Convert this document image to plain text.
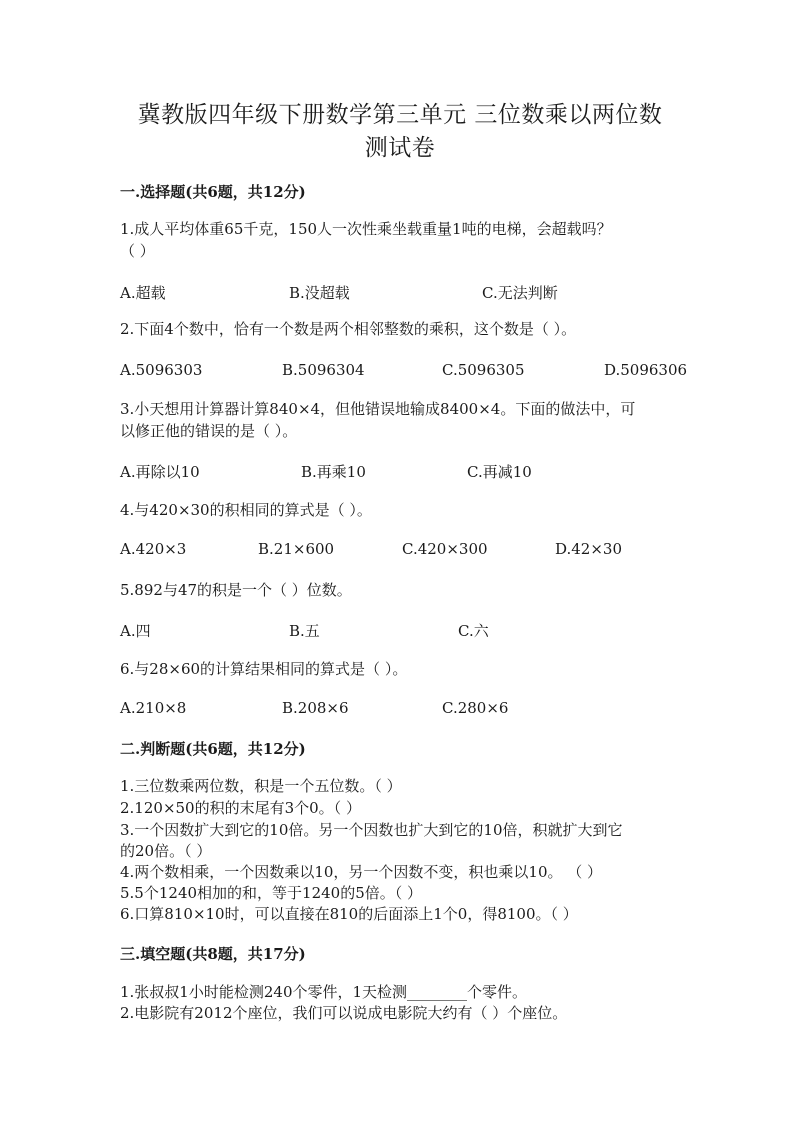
冀教版四年级下册数学第三单元 三位数乘以两位数
测试卷
一.选择题(共6题，共12分)
1.成人平均体重65千克，150人一次性乘坐载重量1吨的电梯，会超载吗？
（ ）
A.超载	B.没超载	C.无法判断
2.下面4个数中，恰有一个数是两个相邻整数的乘积，这个数是（ ）。
A.5096303	B.5096304	C.5096305	D.5096306
3.小天想用计算器计算840×4，但他错误地输成8400×4。下面的做法中，可
以修正他的错误的是（ ）。
A.再除以10	B.再乘10	C.再减10
4.与420×30的积相同的算式是（ ）。
A.420×3	B.21×600	C.420×300	D.42×30
5.892与47的积是一个（ ）位数。
A.四	B.五	C.六
6.与28×60的计算结果相同的算式是（ ）。
A.210×8	B.208×6	C.280×6
二.判断题(共6题，共12分)
1.三位数乘两位数，积是一个五位数。（ ）
2.120×50的积的末尾有3个0。（ ）
3.一个因数扩大到它的10倍。另一个因数也扩大到它的10倍，积就扩大到它
的20倍。（ ）
4.两个数相乘，一个因数乘以10，另一个因数不变，积也乘以10。 （ ）
5.5个1240相加的和，等于1240的5倍。（ ）
6.口算810×10时，可以直接在810的后面添上1个0，得8100。（ ）
三.填空题(共8题，共17分)
1.张叔叔1小时能检测240个零件，1天检测________个零件。
2.电影院有2012个座位，我们可以说成电影院大约有（ ）个座位。
